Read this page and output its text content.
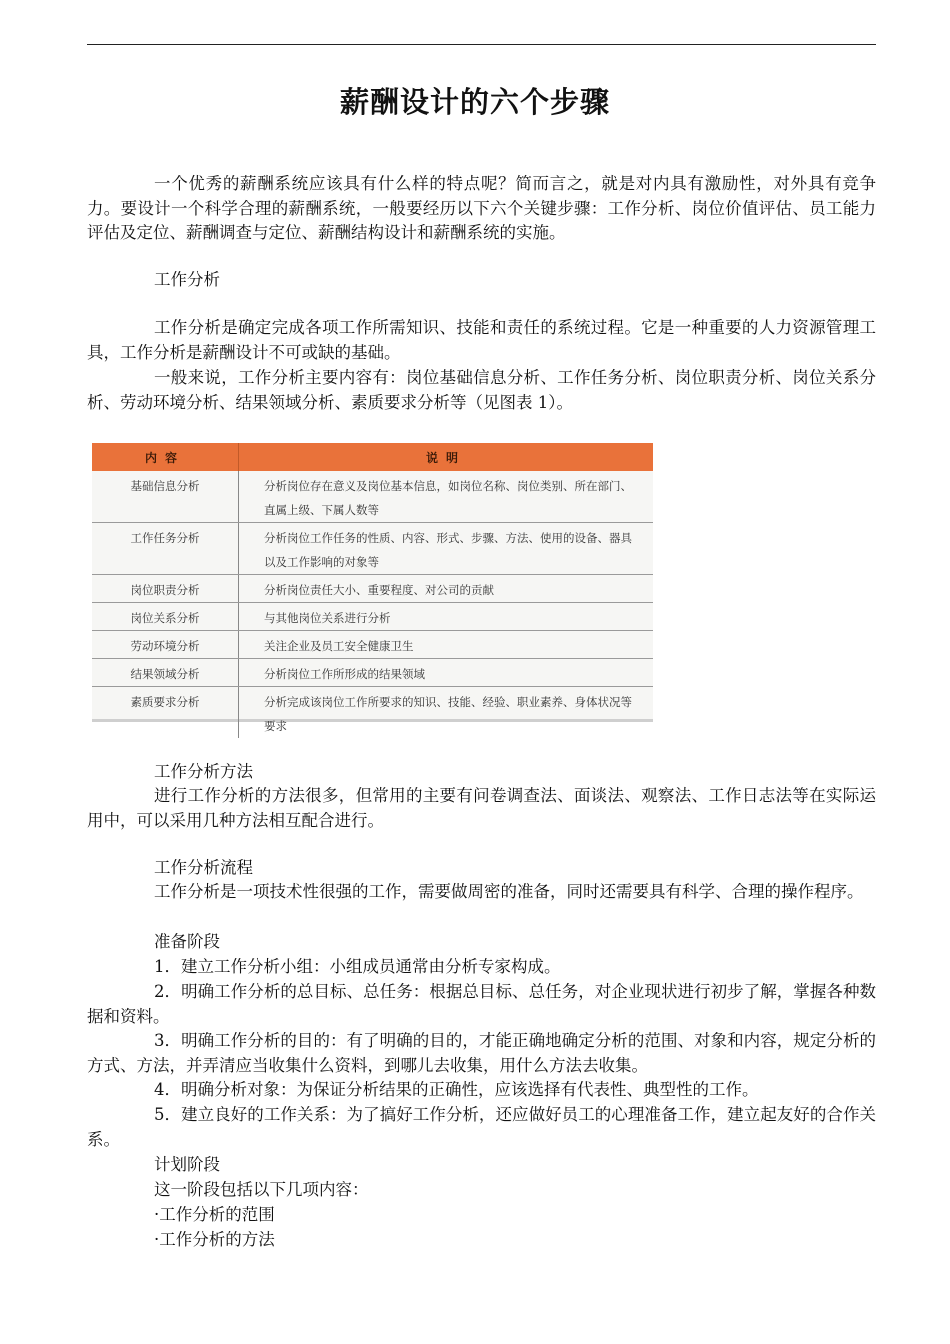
薪酬设计的六个步骤

一个优秀的薪酬系统应该具有什么样的特点呢？简而言之，就是对内具有激励性，对外具有竞争力。要设计一个科学合理的薪酬系统，一般要经历以下六个关键步骤：工作分析、岗位价值评估、员工能力评估及定位、薪酬调查与定位、薪酬结构设计和薪酬系统的实施。

工作分析

工作分析是确定完成各项工作所需知识、技能和责任的系统过程。它是一种重要的人力资源管理工具，工作分析是薪酬设计不可或缺的基础。

一般来说，工作分析主要内容有：岗位基础信息分析、工作任务分析、岗位职责分析、岗位关系分析、劳动环境分析、结果领域分析、素质要求分析等（见图表 1）。

内容	说明
基础信息分析	分析岗位存在意义及岗位基本信息，如岗位名称、岗位类别、所在部门、直属上级、下属人数等
工作任务分析	分析岗位工作任务的性质、内容、形式、步骤、方法、使用的设备、器具以及工作影响的对象等
岗位职责分析	分析岗位责任大小、重要程度、对公司的贡献
岗位关系分析	与其他岗位关系进行分析
劳动环境分析	关注企业及员工安全健康卫生
结果领域分析	分析岗位工作所形成的结果领域
素质要求分析	分析完成该岗位工作所要求的知识、技能、经验、职业素养、身体状况等要求

工作分析方法

进行工作分析的方法很多，但常用的主要有问卷调查法、面谈法、观察法、工作日志法等在实际运用中，可以采用几种方法相互配合进行。

工作分析流程

工作分析是一项技术性很强的工作，需要做周密的准备，同时还需要具有科学、合理的操作程序。

准备阶段

1．建立工作分析小组：小组成员通常由分析专家构成。

2．明确工作分析的总目标、总任务：根据总目标、总任务，对企业现状进行初步了解，掌握各种数据和资料。

3．明确工作分析的目的：有了明确的目的，才能正确地确定分析的范围、对象和内容，规定分析的方式、方法，并弄清应当收集什么资料，到哪儿去收集，用什么方法去收集。

4．明确分析对象：为保证分析结果的正确性，应该选择有代表性、典型性的工作。

5．建立良好的工作关系：为了搞好工作分析，还应做好员工的心理准备工作，建立起友好的合作关系。

计划阶段

这一阶段包括以下几项内容：

·工作分析的范围

·工作分析的方法
